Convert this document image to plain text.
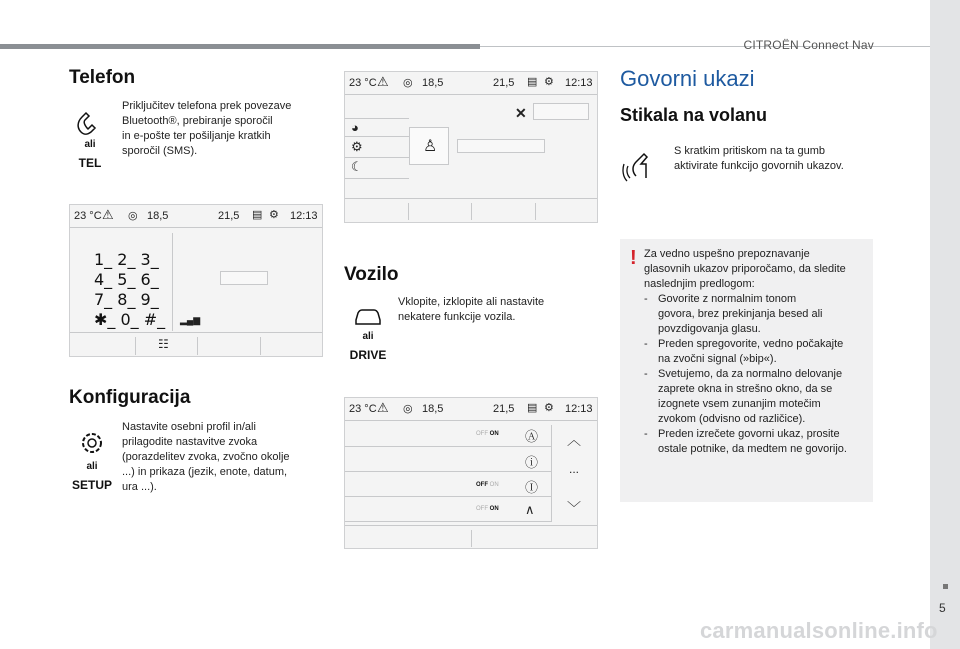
CITROËN Connect Nav
5
Telefon
ali
TEL
Priključitev telefona prek povezave
Bluetooth®, prebiranje sporočil
in e-pošte ter pošiljanje kratkih
sporočil (SMS).
23 °C ⚠ ◎ 18,5	21,5 ▤ ⚙ 12:13
☷
▂▄▆
1_ 2_ 3_
4_ 5_ 6_
7_ 8_ 9_
✱_ 0_ #_
Konfiguracija
ali
SETUP
Nastavite osebni profil in/ali
prilagodite nastavitve zvoka
(porazdelitev zvoka, zvočno okolje
...) in prikaza (jezik, enote, datum,
ura ...).
23 °C ⚠ ◎ 18,5	21,5 ▤ ⚙ 12:13
✕
◕
⚙
☾
♙
Vozilo
ali
DRIVE
Vklopite, izklopite ali nastavite
nekatere funkcije vozila.
23 °C ⚠ ◎ 18,5	21,5 ▤ ⚙ 12:13
OFF ON
OFF ON
OFF ON
Ⓐ
ⓘ
Ⓘ
∧
︿
...
﹀
Govorni ukazi
Stikala na volanu
S kratkim pritiskom na ta gumb
aktivirate funkcijo govornih ukazov.
! Za vedno uspešno prepoznavanje
glasovnih ukazov priporočamo, da sledite
naslednjim predlogom:
- Govorite z normalnim tonom
govora, brez prekinjanja besed ali
povzdigovanja glasu.
- Preden spregovorite, vedno počakajte
na zvočni signal (»bip«).
- Svetujemo, da za normalno delovanje
zaprete okna in strešno okno, da se
izognete vsem zunanjim motečim
zvokom (odvisno od različice).
- Preden izrečete govorni ukaz, prosite
ostale potnike, da medtem ne govorijo.
carmanualsonline.info
